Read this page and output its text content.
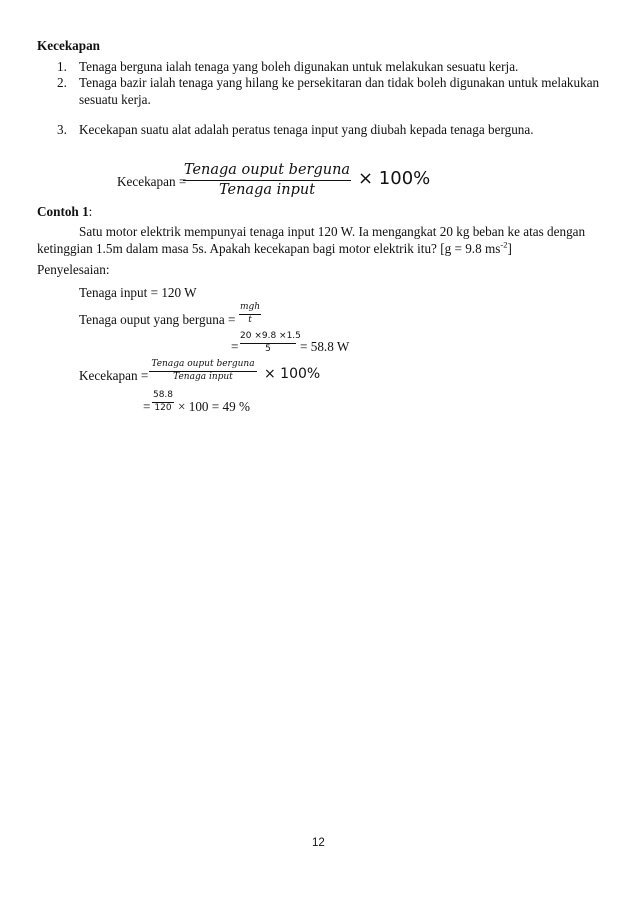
Kecekapan
1. Tenaga berguna ialah tenaga yang boleh digunakan untuk melakukan sesuatu kerja.
2. Tenaga bazir ialah tenaga yang hilang ke persekitaran dan tidak boleh digunakan untuk melakukan
sesuatu kerja.
3. Kecekapan suatu alat adalah peratus tenaga input yang diubah kepada tenaga berguna.
Kecekapan =
Tenaga ouput berguna
Tenaga input
× 100%
Contoh 1:
Satu motor elektrik mempunyai tenaga input 120 W. Ia mengangkat 20 kg beban ke atas dengan
ketinggian 1.5m dalam masa 5s. Apakah kecekapan bagi motor elektrik itu? [g = 9.8 $ms^{-2}$]
Penyelesaian:
Tenaga input = 120 W
Tenaga ouput yang berguna =
mgh
t
=
20 ×9.8 ×1.5
5	= 58.8 W
Kecekapan =
Tenaga ouput berguna
Tenaga input	× 100%
=
58.8
120 × 100 = 49 %
12
